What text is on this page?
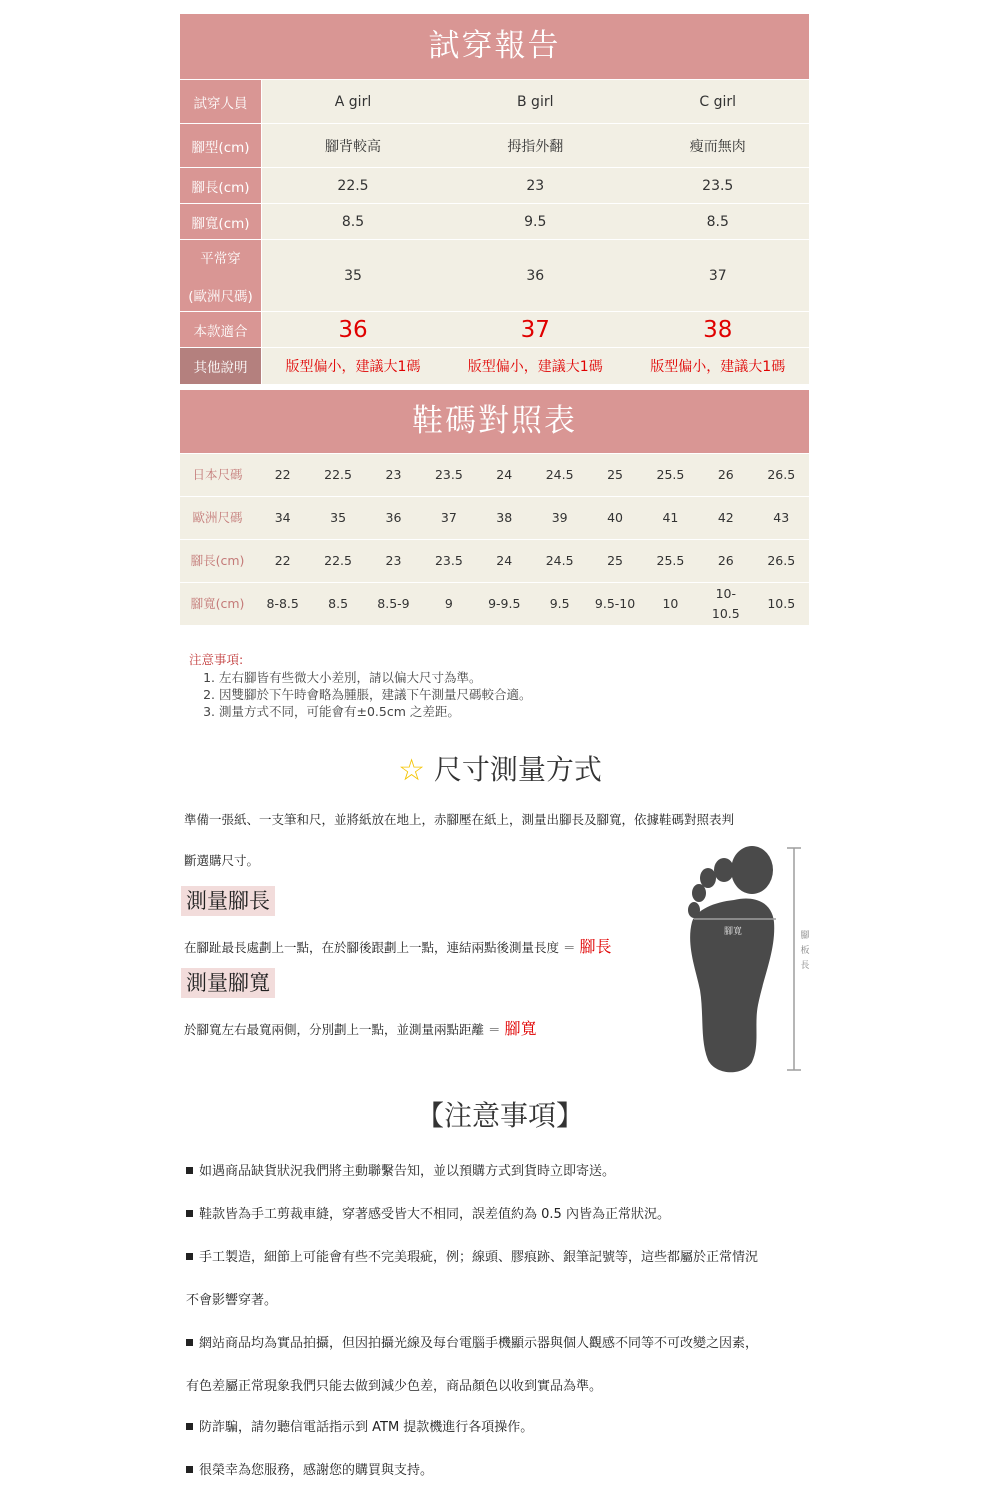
試穿報告
試穿人員	A girl	B girl	C girl
腳型(cm)	腳背較高	拇指外翻	瘦而無肉
腳長(cm)	22.5	23	23.5
腳寬(cm)	8.5	9.5	8.5

平常穿
(歐洲尺碼)	35	36	37
本款適合	36	37	38
其他說明	版型偏小，建議大1碼	版型偏小，建議大1碼	版型偏小，建議大1碼
鞋碼對照表
日本尺碼	22	22.5	23	23.5	24	24.5	25	25.5	26	26.5
歐洲尺碼	34	35	36	37	38	39	40	41	42	43
腳長(cm)	22	22.5	23	23.5	24	24.5	25	25.5	26	26.5
腳寬(cm)	8-8.5	8.5	8.5-9	9	9-9.5	9.5	9.5-10	10	10-10.5	10.5
注意事項:
1. 左右腳皆有些微大小差別，請以偏大尺寸為準。
2. 因雙腳於下午時會略為腫脹，建議下午測量尺碼較合適。
3. 測量方式不同，可能會有±0.5cm 之差距。
☆ 尺寸測量方式
準備一張紙、一支筆和尺，並將紙放在地上，赤腳壓在紙上，測量出腳長及腳寬，依據鞋碼對照表判
斷選購尺寸。
測量腳長
在腳趾最長處劃上一點，在於腳後跟劃上一點，連結兩點後測量長度 ＝ 腳長
測量腳寬
於腳寬左右最寬兩側，分別劃上一點，並測量兩點距離 ＝ 腳寬
腳寬	腳板長
【注意事項】
如遇商品缺貨狀況我們將主動聯繫告知，並以預購方式到貨時立即寄送。
鞋款皆為手工剪裁車縫，穿著感受皆大不相同，誤差值約為 0.5 內皆為正常狀況。
手工製造，細節上可能會有些不完美瑕疵，例；線頭、膠痕跡、銀筆記號等，這些都屬於正常情況
不會影響穿著。
網站商品均為實品拍攝，但因拍攝光線及每台電腦手機顯示器與個人觀感不同等不可改變之因素，
有色差屬正常現象我們只能去做到減少色差，商品顏色以收到實品為準。
防詐騙，請勿聽信電話指示到 ATM 提款機進行各項操作。
很榮幸為您服務，感謝您的購買與支持。
